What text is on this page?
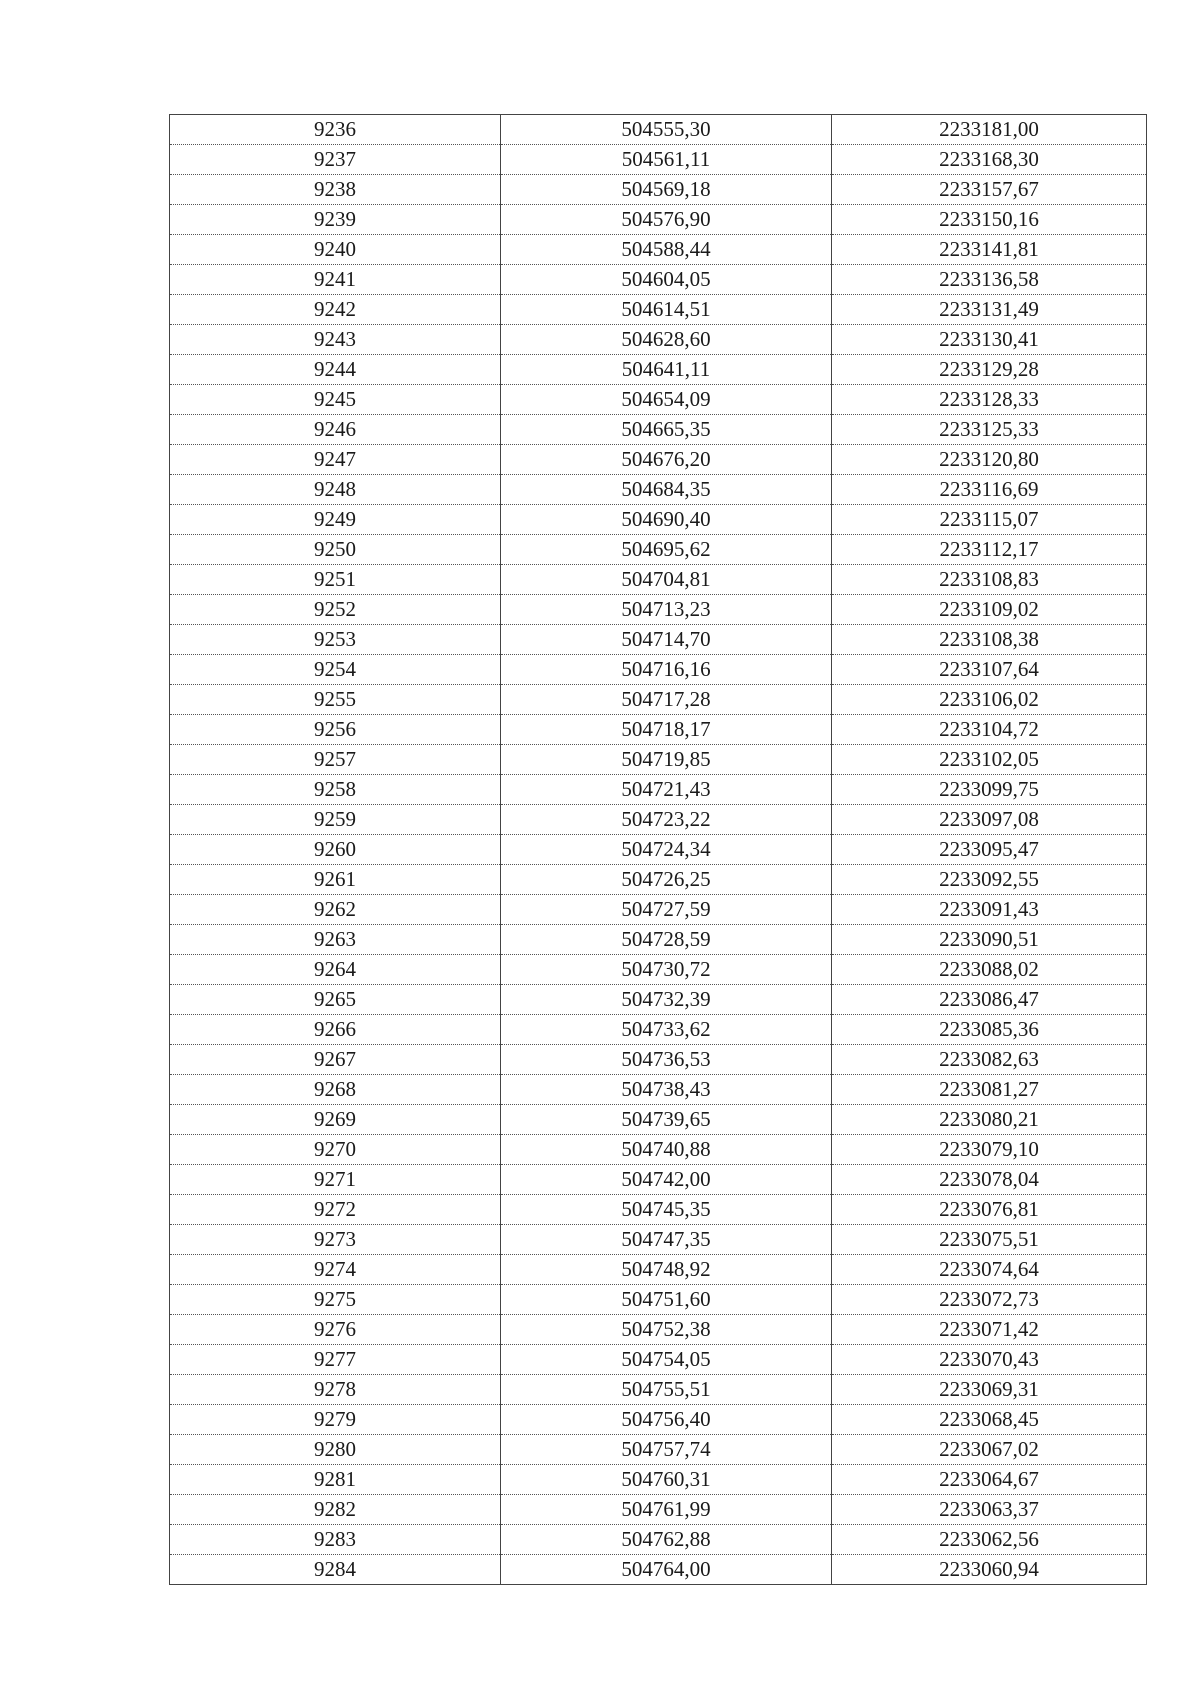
9236	504555,30	2233181,00
9237	504561,11	2233168,30
9238	504569,18	2233157,67
9239	504576,90	2233150,16
9240	504588,44	2233141,81
9241	504604,05	2233136,58
9242	504614,51	2233131,49
9243	504628,60	2233130,41
9244	504641,11	2233129,28
9245	504654,09	2233128,33
9246	504665,35	2233125,33
9247	504676,20	2233120,80
9248	504684,35	2233116,69
9249	504690,40	2233115,07
9250	504695,62	2233112,17
9251	504704,81	2233108,83
9252	504713,23	2233109,02
9253	504714,70	2233108,38
9254	504716,16	2233107,64
9255	504717,28	2233106,02
9256	504718,17	2233104,72
9257	504719,85	2233102,05
9258	504721,43	2233099,75
9259	504723,22	2233097,08
9260	504724,34	2233095,47
9261	504726,25	2233092,55
9262	504727,59	2233091,43
9263	504728,59	2233090,51
9264	504730,72	2233088,02
9265	504732,39	2233086,47
9266	504733,62	2233085,36
9267	504736,53	2233082,63
9268	504738,43	2233081,27
9269	504739,65	2233080,21
9270	504740,88	2233079,10
9271	504742,00	2233078,04
9272	504745,35	2233076,81
9273	504747,35	2233075,51
9274	504748,92	2233074,64
9275	504751,60	2233072,73
9276	504752,38	2233071,42
9277	504754,05	2233070,43
9278	504755,51	2233069,31
9279	504756,40	2233068,45
9280	504757,74	2233067,02
9281	504760,31	2233064,67
9282	504761,99	2233063,37
9283	504762,88	2233062,56
9284	504764,00	2233060,94
